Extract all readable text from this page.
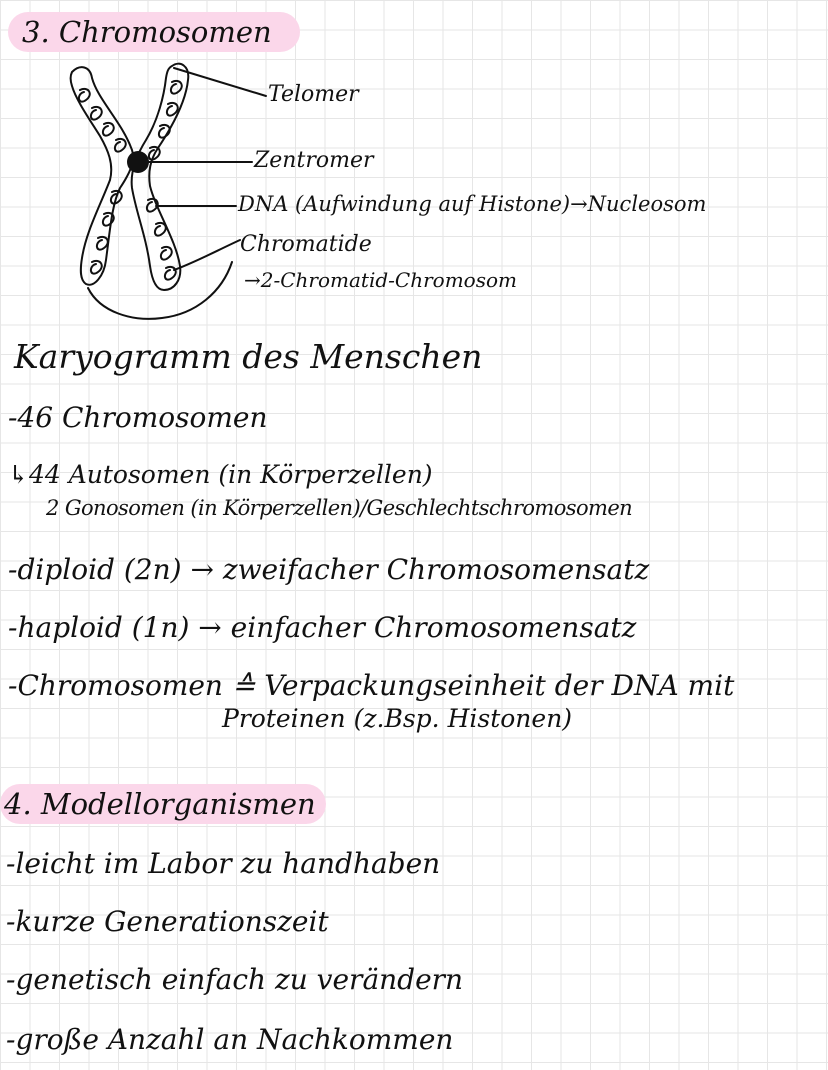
3. Chromosomen
Telomer
Zentromer
DNA (Aufwindung auf Histone)→Nucleosom
Chromatide
→2-Chromatid-Chromosom
Karyogramm des Menschen
-46 Chromosomen
↳44 Autosomen (in Körperzellen)
2 Gonosomen (in Körperzellen)/Geschlechtschromosomen
-diploid (2n) → zweifacher Chromosomensatz
-haploid (1n) → einfacher Chromosomensatz
-Chromosomen ≙ Verpackungseinheit der DNA mit
Proteinen (z.Bsp. Histonen)
4. Modellorganismen
-leicht im Labor zu handhaben
-kurze Generationszeit
-genetisch einfach zu verändern
-große Anzahl an Nachkommen
